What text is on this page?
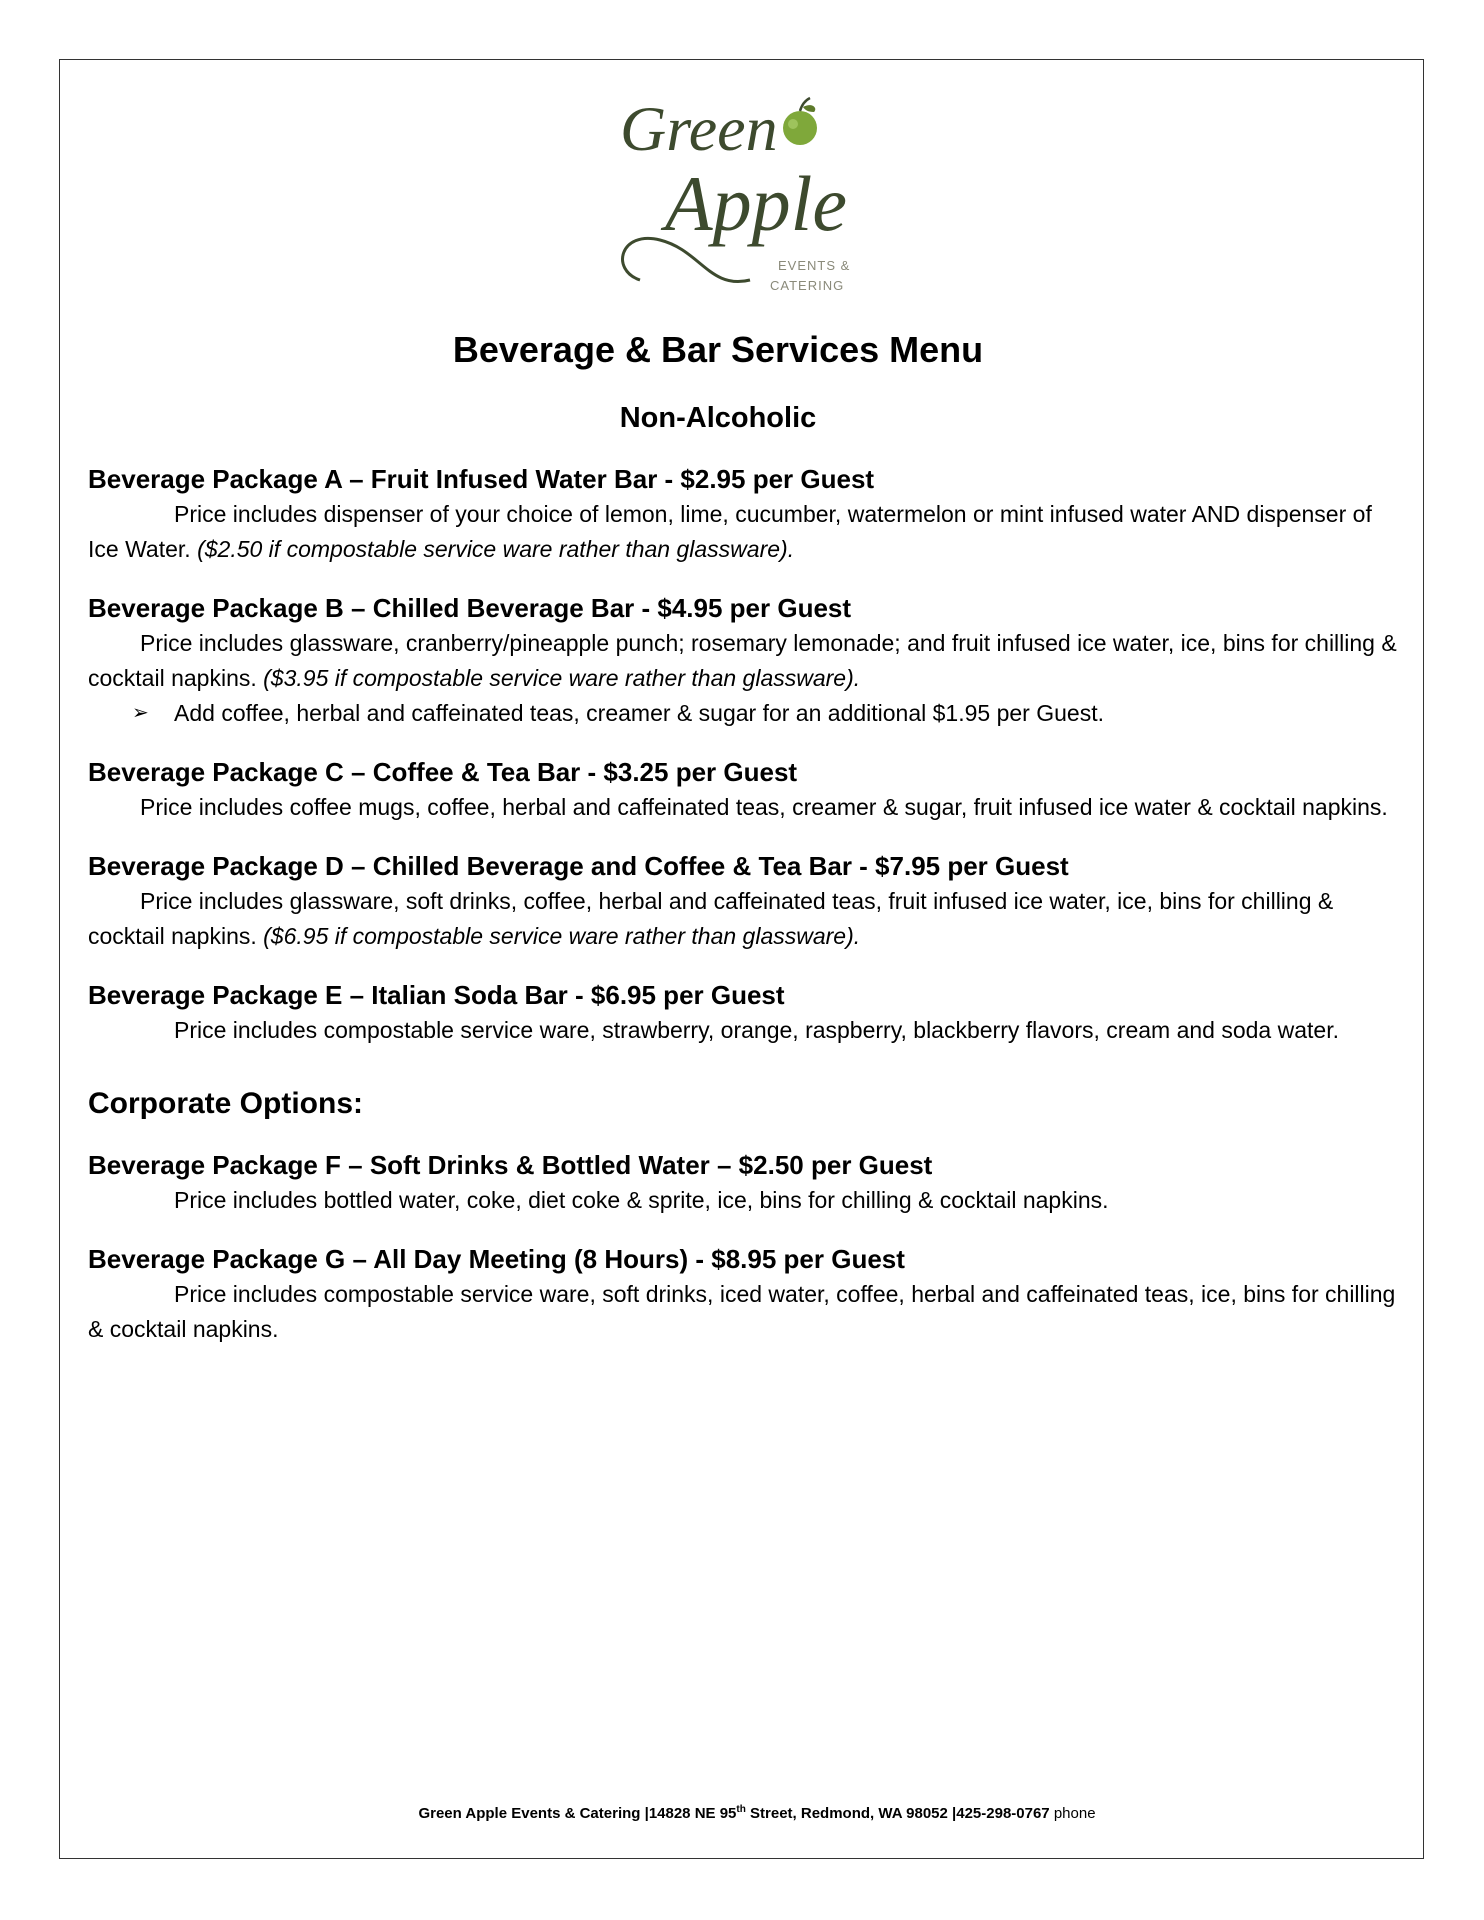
Green
Apple
EVENTS &
CATERING
Beverage & Bar Services Menu
Non-Alcoholic

Beverage Package A – Fruit Infused Water Bar - $2.95 per Guest

Price includes dispenser of your choice of lemon, lime, cucumber, watermelon or mint infused water AND dispenser of Ice Water. ($2.50 if compostable service ware rather than glassware).

Beverage Package B – Chilled Beverage Bar - $4.95 per Guest

Price includes glassware, cranberry/pineapple punch; rosemary lemonade; and fruit infused ice water, ice, bins for chilling & cocktail napkins. ($3.95 if compostable service ware rather than glassware).

➢ Add coffee, herbal and caffeinated teas, creamer & sugar for an additional $1.95 per Guest.

Beverage Package C – Coffee & Tea Bar - $3.25 per Guest

Price includes coffee mugs, coffee, herbal and caffeinated teas, creamer & sugar, fruit infused ice water & cocktail napkins.

Beverage Package D – Chilled Beverage and Coffee & Tea Bar - $7.95 per Guest

Price includes glassware, soft drinks, coffee, herbal and caffeinated teas, fruit infused ice water, ice, bins for chilling & cocktail napkins. ($6.95 if compostable service ware rather than glassware).

Beverage Package E – Italian Soda Bar - $6.95 per Guest

Price includes compostable service ware, strawberry, orange, raspberry, blackberry flavors, cream and soda water.

Corporate Options:

Beverage Package F – Soft Drinks & Bottled Water – $2.50 per Guest

Price includes bottled water, coke, diet coke & sprite, ice, bins for chilling & cocktail napkins.

Beverage Package G – All Day Meeting (8 Hours) - $8.95 per Guest

Price includes compostable service ware, soft drinks, iced water, coffee, herbal and caffeinated teas, ice, bins for chilling & cocktail napkins.

Green Apple Events & Catering |14828 NE 95th Street, Redmond, WA 98052 |425-298-0767 phone
